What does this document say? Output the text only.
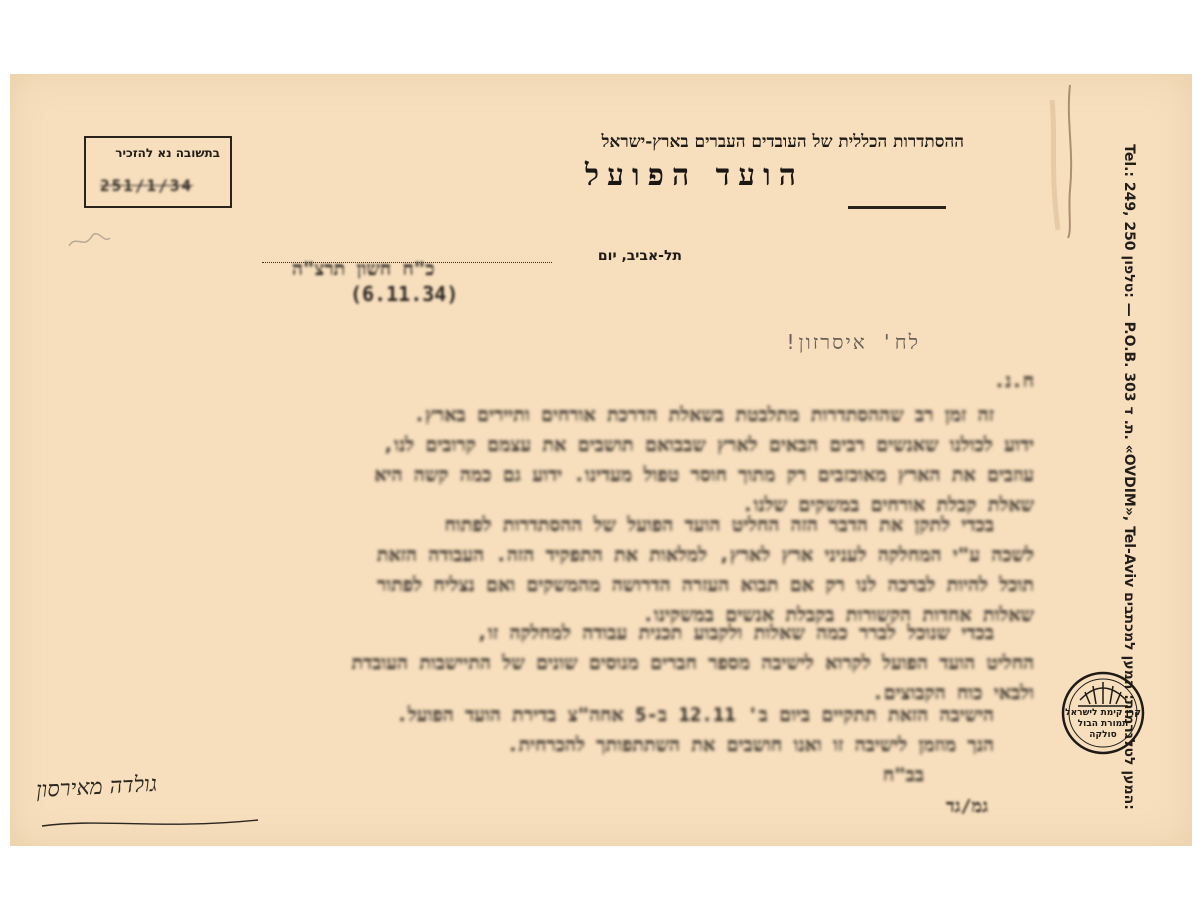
ההסתדרות הכללית של העובדים העברים בארץ-ישראל
הועד הפועל
בתשובה נא להזכיר
251/1/34
תל-אביב, יום
כ"ח חשון תרצ"ה
(6.11.34)
לח' איסרזון!
ח.נ.
זה זמן רב שההסתדרות מתלבטת בשאלת הדרכת אורחים ותיירים בארץ.
ידוע לכולנו שאנשים רבים הבאים לארץ שבבואם תושבים את עצמם קרובים לנו,
עוזבים את הארץ מאוכזבים רק מתוך חוסר טפול מעדינו. ידוע גם כמה קשה היא
שאלת קבלת אורחים במשקים שלנו.
בכדי לתקן את הדבר הזה החליט הועד הפועל של ההסתדרות לפתוח
לשכה ע"י המחלקה לעניני ארץ לארץ, למלאות את התפקיד הזה. העבודה הזאת
תוכל להיות לברכה לנו רק אם תבוא העזרה הדרושה מהמשקים ואם נצליח לפתור
שאלות אחדות הקשורות בקבלת אנשים במשקינו.
בכדי שנוכל לברר כמה שאלות ולקבוע תכנית עבודה למחלקה זו,
החליט הועד הפועל לקרוא לישיבה מספר חברים מנוסים שונים של התיישבות העובדת
ולבאי כוח הקבוצים.
הישיבה הזאת תתקיים ביום ב' 12.11 ב-5 אחה"צ בדירת הועד הפועל.
הנך מוזמן לישיבה זו ואנו חושבים את השתתפותך להכרחית.
בב"ח
גמ/גד
גולדה מאירסון
Tel.: 249, 250 טלפון: — P.O.B. 303 ת. ד. «OVDIM», Tel-Aviv המען לטלגרמות: המען למכתבים:
קרן קימת לישראל
תמורת הבול
סולקה
